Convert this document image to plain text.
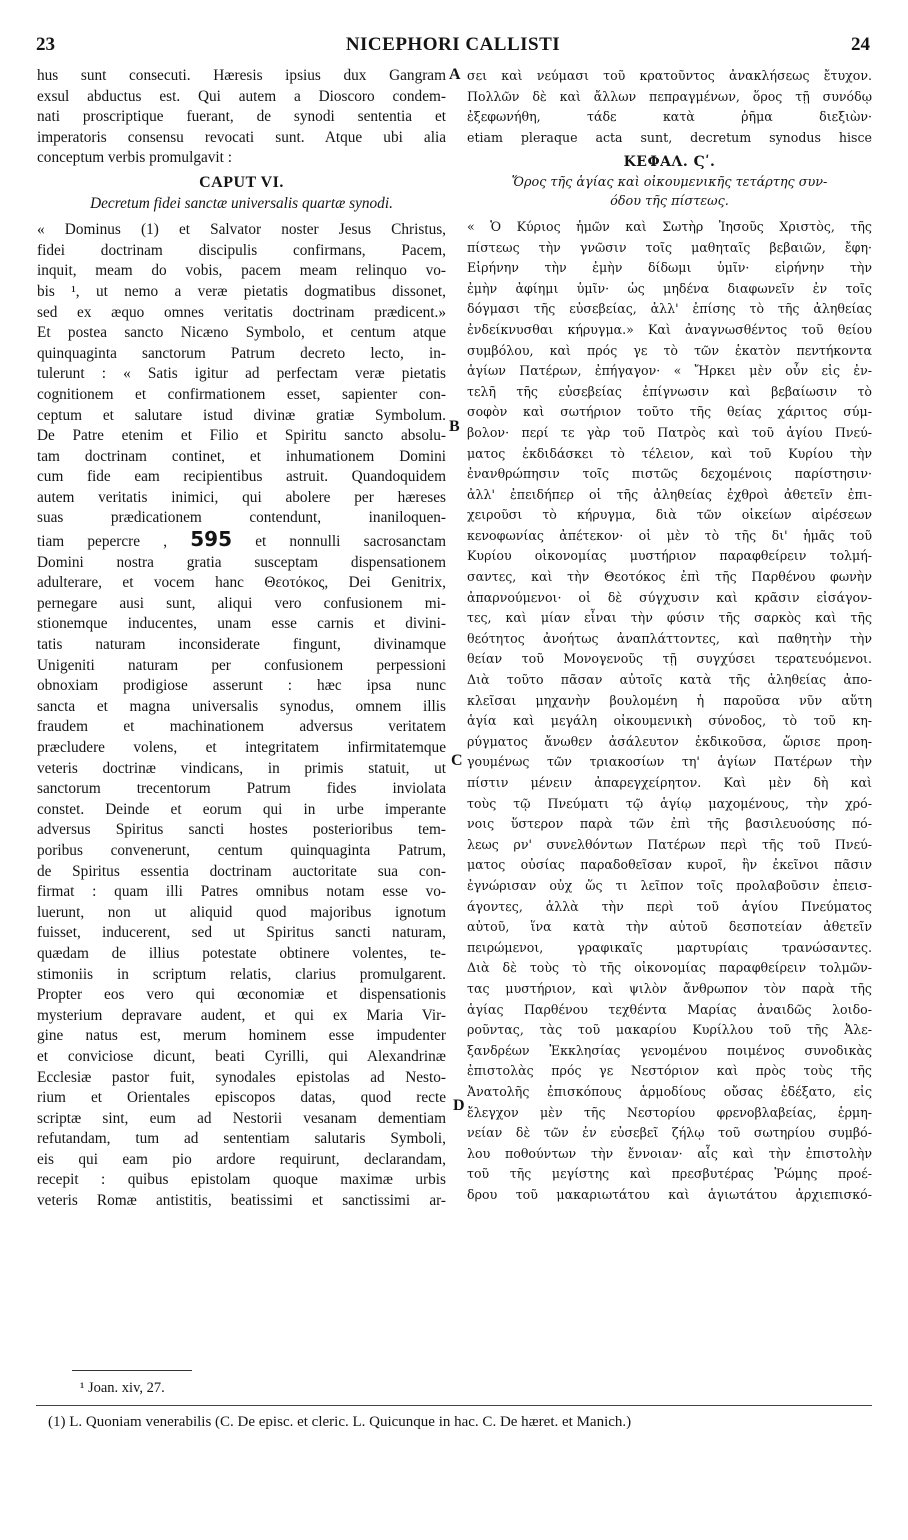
23	NICEPHORI CALLISTI	24
A
B
C
D
hus sunt consecuti. Hæresis ipsius dux Gangram
exsul abductus est. Qui autem a Dioscoro condem-
nati proscriptique fuerant, de synodi sententia et
imperatoris consensu revocati sunt. Atque ubi alia
conceptum verbis promulgavit :
CAPUT VI.
Decretum fidei sanctæ universalis quartæ synodi.
« Dominus (1) et Salvator noster Jesus Christus,
fidei doctrinam discipulis confirmans, Pacem,
inquit, meam do vobis, pacem meam relinquo vo-
bis ¹, ut nemo a veræ pietatis dogmatibus dissonet,
sed ex æquo omnes veritatis doctrinam prædicent.»
Et postea sancto Nicæno Symbolo, et centum atque
quinquaginta sanctorum Patrum decreto lecto, in-
tulerunt : « Satis igitur ad perfectam veræ pietatis
cognitionem et confirmationem esset, sapienter con-
ceptum et salutare istud divinæ gratiæ Symbolum.
De Patre etenim et Filio et Spiritu sancto absolu-
tam doctrinam continet, et inhumationem Domini
cum fide eam recipientibus astruit. Quandoquidem
autem veritatis inimici, qui abolere per hæreses
suas prædicationem contendunt, inaniloquen-
tiam pepercre , 595 et nonnulli sacrosanctam
Domini nostra gratia susceptam dispensationem
adulterare, et vocem hanc Θεοτόκος, Dei Genitrix,
pernegare ausi sunt, aliqui vero confusionem mi-
stionemque inducentes, unam esse carnis et divini-
tatis naturam inconsiderate fingunt, divinamque
Unigeniti naturam per confusionem perpessioni
obnoxiam prodigiose asserunt : hæc ipsa nunc
sancta et magna universalis synodus, omnem illis
fraudem et machinationem adversus veritatem
præcludere volens, et integritatem infirmitatemque
veteris doctrinæ vindicans, in primis statuit, ut
sanctorum trecentorum Patrum fides inviolata
constet. Deinde et eorum qui in urbe imperante
adversus Spiritus sancti hostes posterioribus tem-
poribus convenerunt, centum quinquaginta Patrum,
de Spiritus essentia doctrinam auctoritate sua con-
firmat : quam illi Patres omnibus notam esse vo-
luerunt, non ut aliquid quod majoribus ignotum
fuisset, inducerent, sed ut Spiritus sancti naturam,
quædam de illius potestate obtinere volentes, te-
stimoniis in scriptum relatis, clarius promulgarent.
Propter eos vero qui œconomiæ et dispensationis
mysterium depravare audent, et qui ex Maria Vir-
gine natus est, merum hominem esse impudenter
et conviciose dicunt, beati Cyrilli, qui Alexandrinæ
Ecclesiæ pastor fuit, synodales epistolas ad Nesto-
rium et Orientales episcopos datas, quod recte
scriptæ sint, eum ad Nestorii vesanam dementiam
refutandam, tum ad sententiam salutaris Symboli,
eis qui eam pio ardore requirunt, declarandam,
recepit : quibus epistolam quoque maximæ urbis
veteris Romæ antistitis, beatissimi et sanctissimi ar-
σει καὶ νεύμασι τοῦ κρατοῦντος ἀνακλήσεως ἔτυχον.
Πολλῶν δὲ καὶ ἄλλων πεπραγμένων, ὅρος τῇ συνόδῳ
ἐξεφωνήθη, τάδε κατὰ ῥῆμα διεξιὼν·
etiam pleraque acta sunt, decretum synodus hisce
ΚΕΦΑΛ. Ϛʹ.
Ὅρος τῆς ἁγίας καὶ οἰκουμενικῆς τετάρτης συν-
όδου τῆς πίστεως.
« Ὁ Κύριος ἡμῶν καὶ Σωτὴρ Ἰησοῦς Χριστὸς, τῆς
πίστεως τὴν γνῶσιν τοῖς μαθηταῖς βεβαιῶν, ἔφη·
Εἰρήνην τὴν ἐμὴν δίδωμι ὑμῖν· εἰρήνην τὴν
ἐμὴν ἀφίημι ὑμῖν· ὡς μηδένα διαφωνεῖν ἐν τοῖς
δόγμασι τῆς εὐσεβείας, ἀλλ' ἐπίσης τὸ τῆς ἀληθείας
ἐνδείκνυσθαι κήρυγμα.» Καὶ ἀναγνωσθέντος τοῦ θείου
συμβόλου, καὶ πρός γε τὸ τῶν ἑκατὸν πεντήκοντα
ἁγίων Πατέρων, ἐπήγαγον· « Ἤρκει μὲν οὖν εἰς ἐν-
τελῆ τῆς εὐσεβείας ἐπίγνωσιν καὶ βεβαίωσιν τὸ
σοφὸν καὶ σωτήριον τοῦτο τῆς θείας χάριτος σύμ-
βολον· περί τε γὰρ τοῦ Πατρὸς καὶ τοῦ ἁγίου Πνεύ-
ματος ἐκδιδάσκει τὸ τέλειον, καὶ τοῦ Κυρίου τὴν
ἐνανθρώπησιν τοῖς πιστῶς δεχομένοις παρίστησιν·
ἀλλ' ἐπειδήπερ οἱ τῆς ἀληθείας ἐχθροὶ ἀθετεῖν ἐπι-
χειροῦσι τὸ κήρυγμα, διὰ τῶν οἰκείων αἱρέσεων
κενοφωνίας ἀπέτεκον· οἱ μὲν τὸ τῆς δι' ἡμᾶς τοῦ
Κυρίου οἰκονομίας μυστήριον παραφθείρειν τολμή-
σαντες, καὶ τὴν Θεοτόκος ἐπὶ τῆς Παρθένου φωνὴν
ἀπαρνούμενοι· οἱ δὲ σύγχυσιν καὶ κρᾶσιν εἰσάγον-
τες, καὶ μίαν εἶναι τὴν φύσιν τῆς σαρκὸς καὶ τῆς
θεότητος ἀνοήτως ἀναπλάττοντες, καὶ παθητὴν τὴν
θείαν τοῦ Μονογενοῦς τῇ συγχύσει τερατευόμενοι.
Διὰ τοῦτο πᾶσαν αὐτοῖς κατὰ τῆς ἀληθείας ἀπο-
κλεῖσαι μηχανὴν βουλομένη ἡ παροῦσα νῦν αὕτη
ἁγία καὶ μεγάλη οἰκουμενικὴ σύνοδος, τὸ τοῦ κη-
ρύγματος ἄνωθεν ἀσάλευτον ἐκδικοῦσα, ὥρισε προη-
γουμένως τῶν τριακοσίων τη' ἁγίων Πατέρων τὴν
πίστιν μένειν ἀπαρεγχείρητον. Καὶ μὲν δὴ καὶ
τοὺς τῷ Πνεύματι τῷ ἁγίῳ μαχομένους, τὴν χρό-
νοις ὕστερον παρὰ τῶν ἐπὶ τῆς βασιλευούσης πό-
λεως ρν' συνελθόντων Πατέρων περὶ τῆς τοῦ Πνεύ-
ματος οὐσίας παραδοθεῖσαν κυροῖ, ἣν ἐκεῖνοι πᾶσιν
ἐγνώρισαν οὐχ ὥς τι λεῖπον τοῖς προλαβοῦσιν ἐπεισ-
άγοντες, ἀλλὰ τὴν περὶ τοῦ ἁγίου Πνεύματος
αὐτοῦ, ἵνα κατὰ τὴν αὐτοῦ δεσποτείαν ἀθετεῖν
πειρώμενοι, γραφικαῖς μαρτυρίαις τρανώσαντες.
Διὰ δὲ τοὺς τὸ τῆς οἰκονομίας παραφθείρειν τολμῶν-
τας μυστήριον, καὶ ψιλὸν ἄνθρωπον τὸν παρὰ τῆς
ἁγίας Παρθένου τεχθέντα Μαρίας ἀναιδῶς λοιδο-
ροῦντας, τὰς τοῦ μακαρίου Κυρίλλου τοῦ τῆς Ἀλε-
ξανδρέων Ἐκκλησίας γενομένου ποιμένος συνοδικὰς
ἐπιστολὰς πρός γε Νεστόριον καὶ πρὸς τοὺς τῆς
Ἀνατολῆς ἐπισκόπους ἁρμοδίους οὔσας ἐδέξατο, εἰς
ἔλεγχον μὲν τῆς Νεστορίου φρενοβλαβείας, ἑρμη-
νείαν δὲ τῶν ἐν εὐσεβεῖ ζήλῳ τοῦ σωτηρίου συμβό-
λου ποθούντων τὴν ἔννοιαν· αἷς καὶ τὴν ἐπιστολὴν
τοῦ τῆς μεγίστης καὶ πρεσβυτέρας Ῥώμης προέ-
δρου τοῦ μακαριωτάτου καὶ ἁγιωτάτου ἀρχιεπισκό-
¹ Joan. xiv, 27.
(1) L. Quoniam venerabilis (C. De episc. et cleric. L. Quicunque in hac. C. De hæret. et Manich.)
